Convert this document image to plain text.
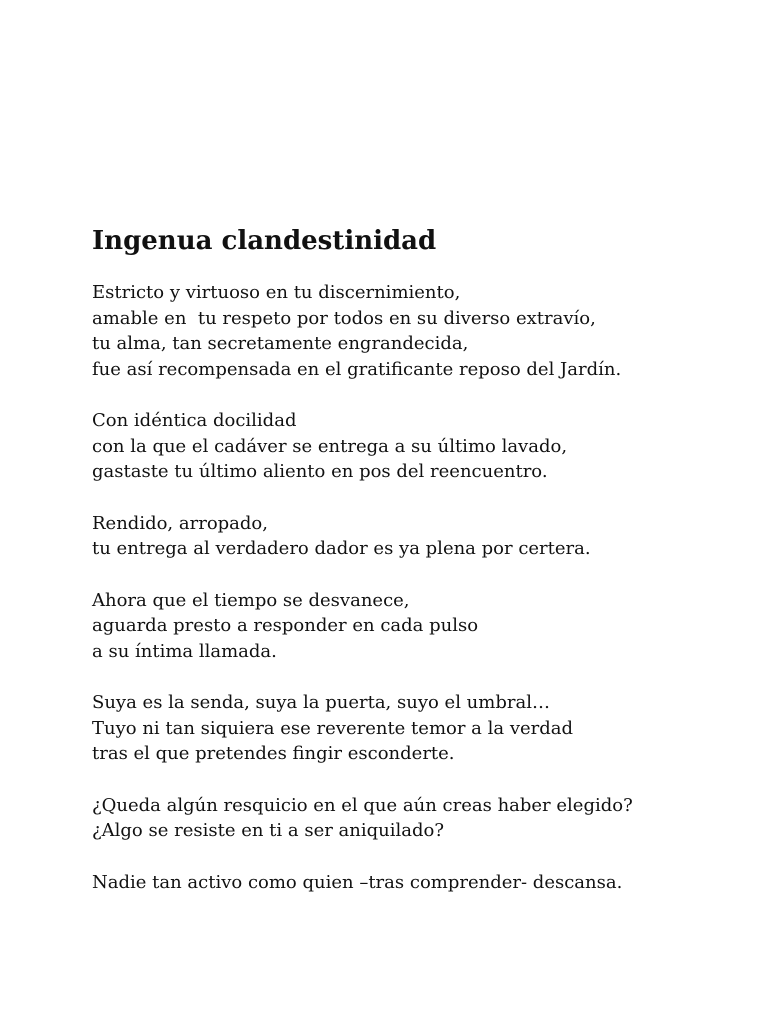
Ingenua clandestinidad
Estricto y virtuoso en tu discernimiento,
amable en  tu respeto por todos en su diverso extravío,
tu alma, tan secretamente engrandecida,
fue así recompensada en el gratificante reposo del Jardín.
Con idéntica docilidad
con la que el cadáver se entrega a su último lavado,
gastaste tu último aliento en pos del reencuentro.
Rendido, arropado,
tu entrega al verdadero dador es ya plena por certera.
Ahora que el tiempo se desvanece,
aguarda presto a responder en cada pulso
a su íntima llamada.
Suya es la senda, suya la puerta, suyo el umbral…
Tuyo ni tan siquiera ese reverente temor a la verdad
tras el que pretendes fingir esconderte.
¿Queda algún resquicio en el que aún creas haber elegido?
¿Algo se resiste en ti a ser aniquilado?
Nadie tan activo como quien –tras comprender- descansa.
